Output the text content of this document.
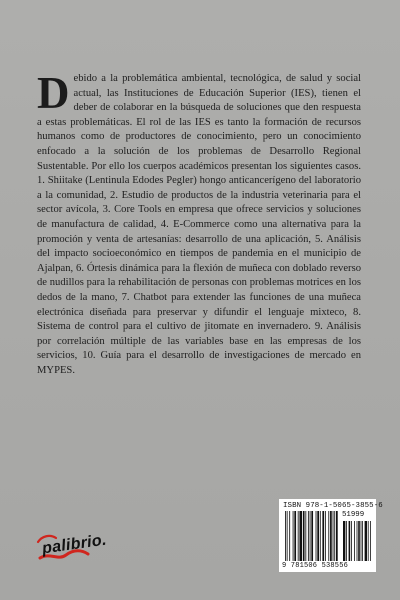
Debido a la problemática ambiental, tecnológica, de salud y social actual, las Instituciones de Educación Superior (IES), tienen el deber de colaborar en la búsqueda de soluciones que den respuesta a estas problemáticas. El rol de las IES es tanto la formación de recursos humanos como de productores de conocimiento, pero un conocimiento enfocado a la solución de los problemas de Desarrollo Regional Sustentable. Por ello los cuerpos académicos presentan los siguientes casos. 1. Shiitake (Lentinula Edodes Pegler) hongo anticancerígeno del laboratorio a la comunidad, 2. Estudio de productos de la industria veterinaria para el sector avícola, 3. Core Tools en empresa que ofrece servicios y soluciones de manufactura de calidad, 4. E-Commerce como una alternativa para la promoción y venta de artesanías: desarrollo de una aplicación, 5. Análisis del impacto socioeconómico en tiempos de pandemia en el municipio de Ajalpan, 6. Órtesis dinámica para la flexión de muñeca con doblado reverso de nudillos para la rehabilitación de personas con problemas motrices en los dedos de la mano, 7. Chatbot para extender las funciones de una muñeca electrónica diseñada para preservar y difundir el lenguaje mixteco, 8. Sistema de control para el cultivo de jitomate en invernadero. 9. Análisis por correlación múltiple de las variables base en las empresas de los servicios, 10. Guía para el desarrollo de investigaciones de mercado en MYPES.
palibrio.
ISBN 978-1-5065-3855-6
51999
9 781506 538556
